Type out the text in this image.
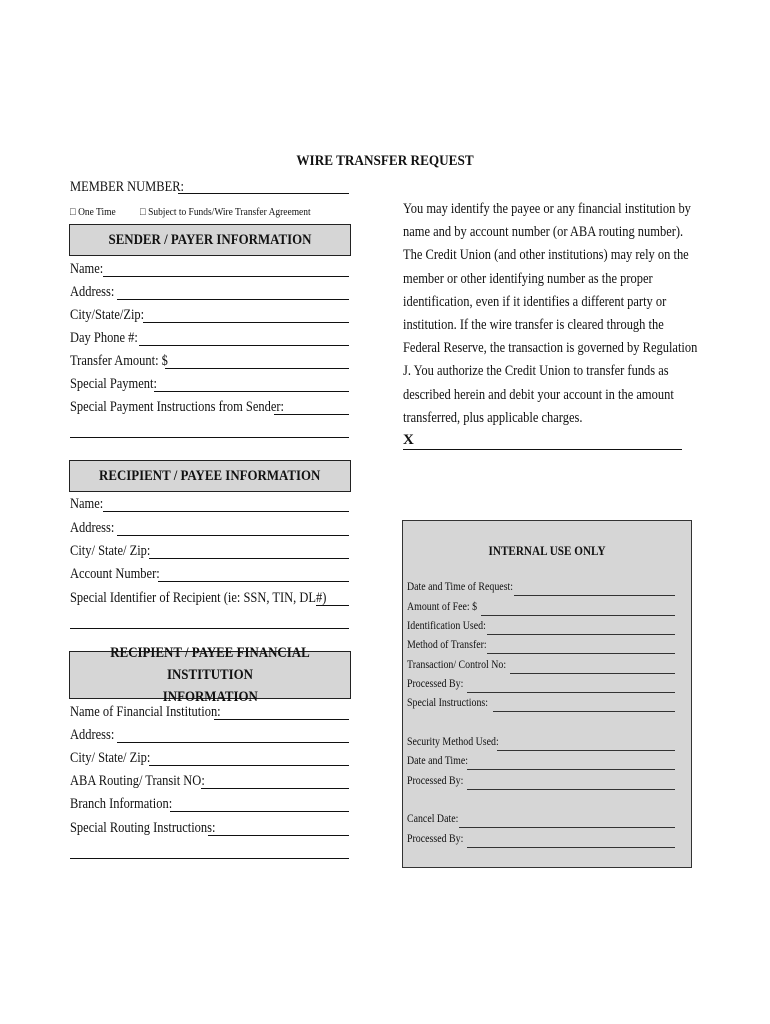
WIRE TRANSFER REQUEST
MEMBER NUMBER:
□ One Time □ Subject to Funds/Wire Transfer Agreement
SENDER / PAYER INFORMATION
Name:
Address:
City/State/Zip:
Day Phone #:
Transfer Amount: $
Special Payment:
Special Payment Instructions from Sender:
RECIPIENT / PAYEE INFORMATION
Name:
Address:
City/ State/ Zip:
Account Number:
Special Identifier of Recipient (ie: SSN, TIN, DL#)
RECIPIENT / PAYEE FINANCIAL INSTITUTION
INFORMATION
Name of Financial Institution:
Address:
City/ State/ Zip:
ABA Routing/ Transit NO:
Branch Information:
Special Routing Instructions:
You may identify the payee or any financial institution by name and by account number (or ABA routing number). The Credit Union (and other institutions) may rely on the member or other identifying number as the proper identification, even if it identifies a different party or institution. If the wire transfer is cleared through the Federal Reserve, the transaction is governed by Regulation J. You authorize the Credit Union to transfer funds as described herein and debit your account in the amount transferred, plus applicable charges.
X
INTERNAL USE ONLY
Date and Time of Request:
Amount of Fee: $
Identification Used:
Method of Transfer:
Transaction/ Control No:
Processed By:
Special Instructions:
Security Method Used:
Date and Time:
Processed By:
Cancel Date:
Processed By:
